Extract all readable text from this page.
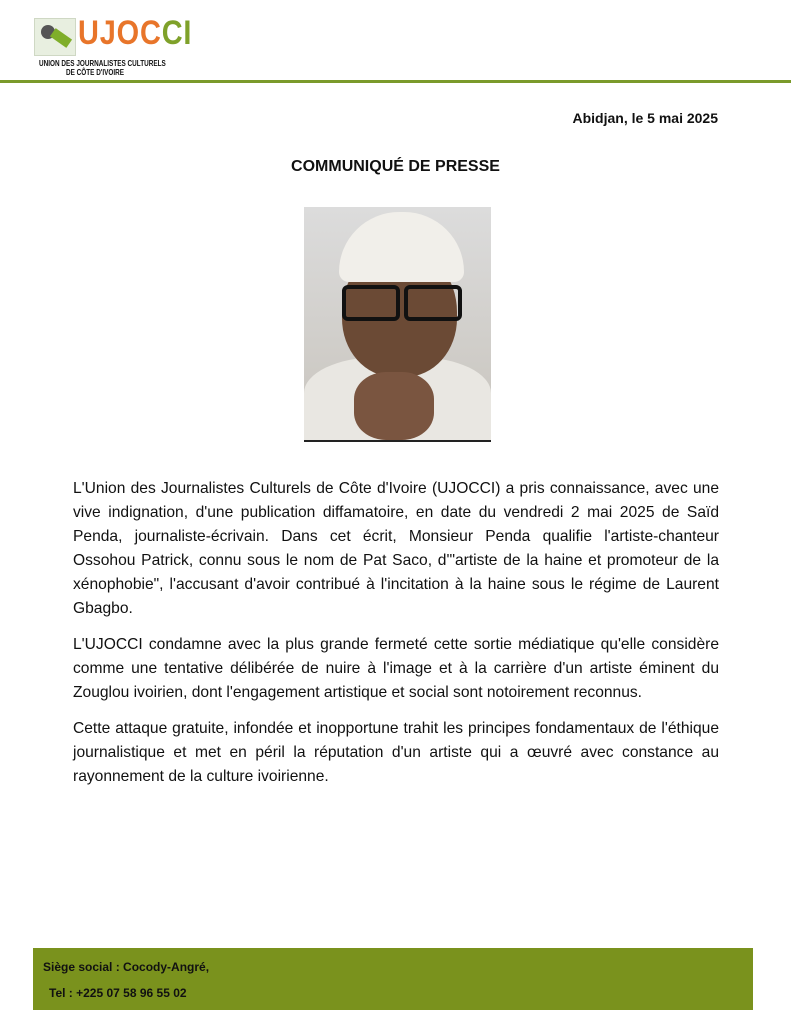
UJOCCI
UNION DES JOURNALISTES CULTURELS
DE CÔTE D'IVOIRE
Abidjan, le 5 mai 2025
COMMUNIQUÉ DE PRESSE

L'Union des Journalistes Culturels de Côte d'Ivoire (UJOCCI) a pris connaissance, avec une vive indignation, d'une publication diffamatoire, en date du vendredi 2 mai 2025 de Saïd Penda, journaliste-écrivain. Dans cet écrit, Monsieur Penda qualifie l'artiste-chanteur Ossohou Patrick, connu sous le nom de Pat Saco, d'"artiste de la haine et promoteur de la xénophobie", l'accusant d'avoir contribué à l'incitation à la haine sous le régime de Laurent Gbagbo.

L'UJOCCI condamne avec la plus grande fermeté cette sortie médiatique qu'elle considère comme une tentative délibérée de nuire à l'image et à la carrière d'un artiste éminent du Zouglou ivoirien, dont l'engagement artistique et social sont notoirement reconnus.

Cette attaque gratuite, infondée et inopportune trahit les principes fondamentaux de l'éthique journalistique et met en péril la réputation d'un artiste qui a œuvré avec constance au rayonnement de la culture ivoirienne.

Siège social : Cocody-Angré,
Tel : +225 07 58 96 55 02
